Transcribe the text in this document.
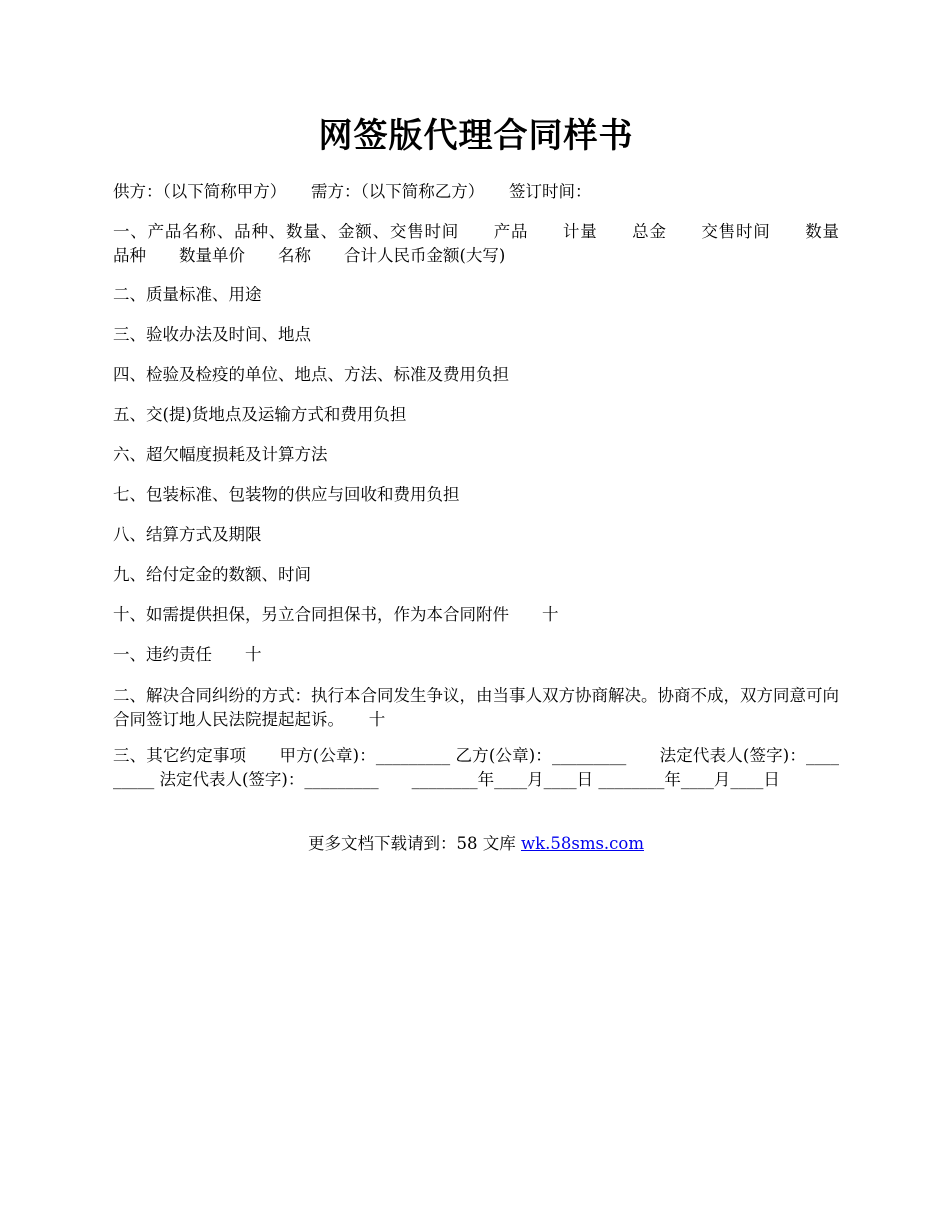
网签版代理合同样书
供方：（以下简称甲方）　　需方：（以下简称乙方）　　签订时间：
一、产品名称、品种、数量、金额、交售时间　　产品　　计量　　总金　　交售时间　　数量　　品种　　数量单价　　名称　　合计人民币金额(大写)
二、质量标准、用途
三、验收办法及时间、地点
四、检验及检疫的单位、地点、方法、标准及费用负担
五、交(提)货地点及运输方式和费用负担
六、超欠幅度损耗及计算方法
七、包装标准、包装物的供应与回收和费用负担
八、结算方式及期限
九、给付定金的数额、时间
十、如需提供担保，另立合同担保书，作为本合同附件　　十
一、违约责任　　十
二、解决合同纠纷的方式：执行本合同发生争议，由当事人双方协商解决。协商不成，双方同意可向合同签订地人民法院提起起诉。　　十
三、其它约定事项　　甲方(公章)：_________ 乙方(公章)：_________　　法定代表人(签字)：_________ 法定代表人(签字)：_________　　________年____月____日 ________年____月____日
更多文档下载请到：58 文库 wk.58sms.com
